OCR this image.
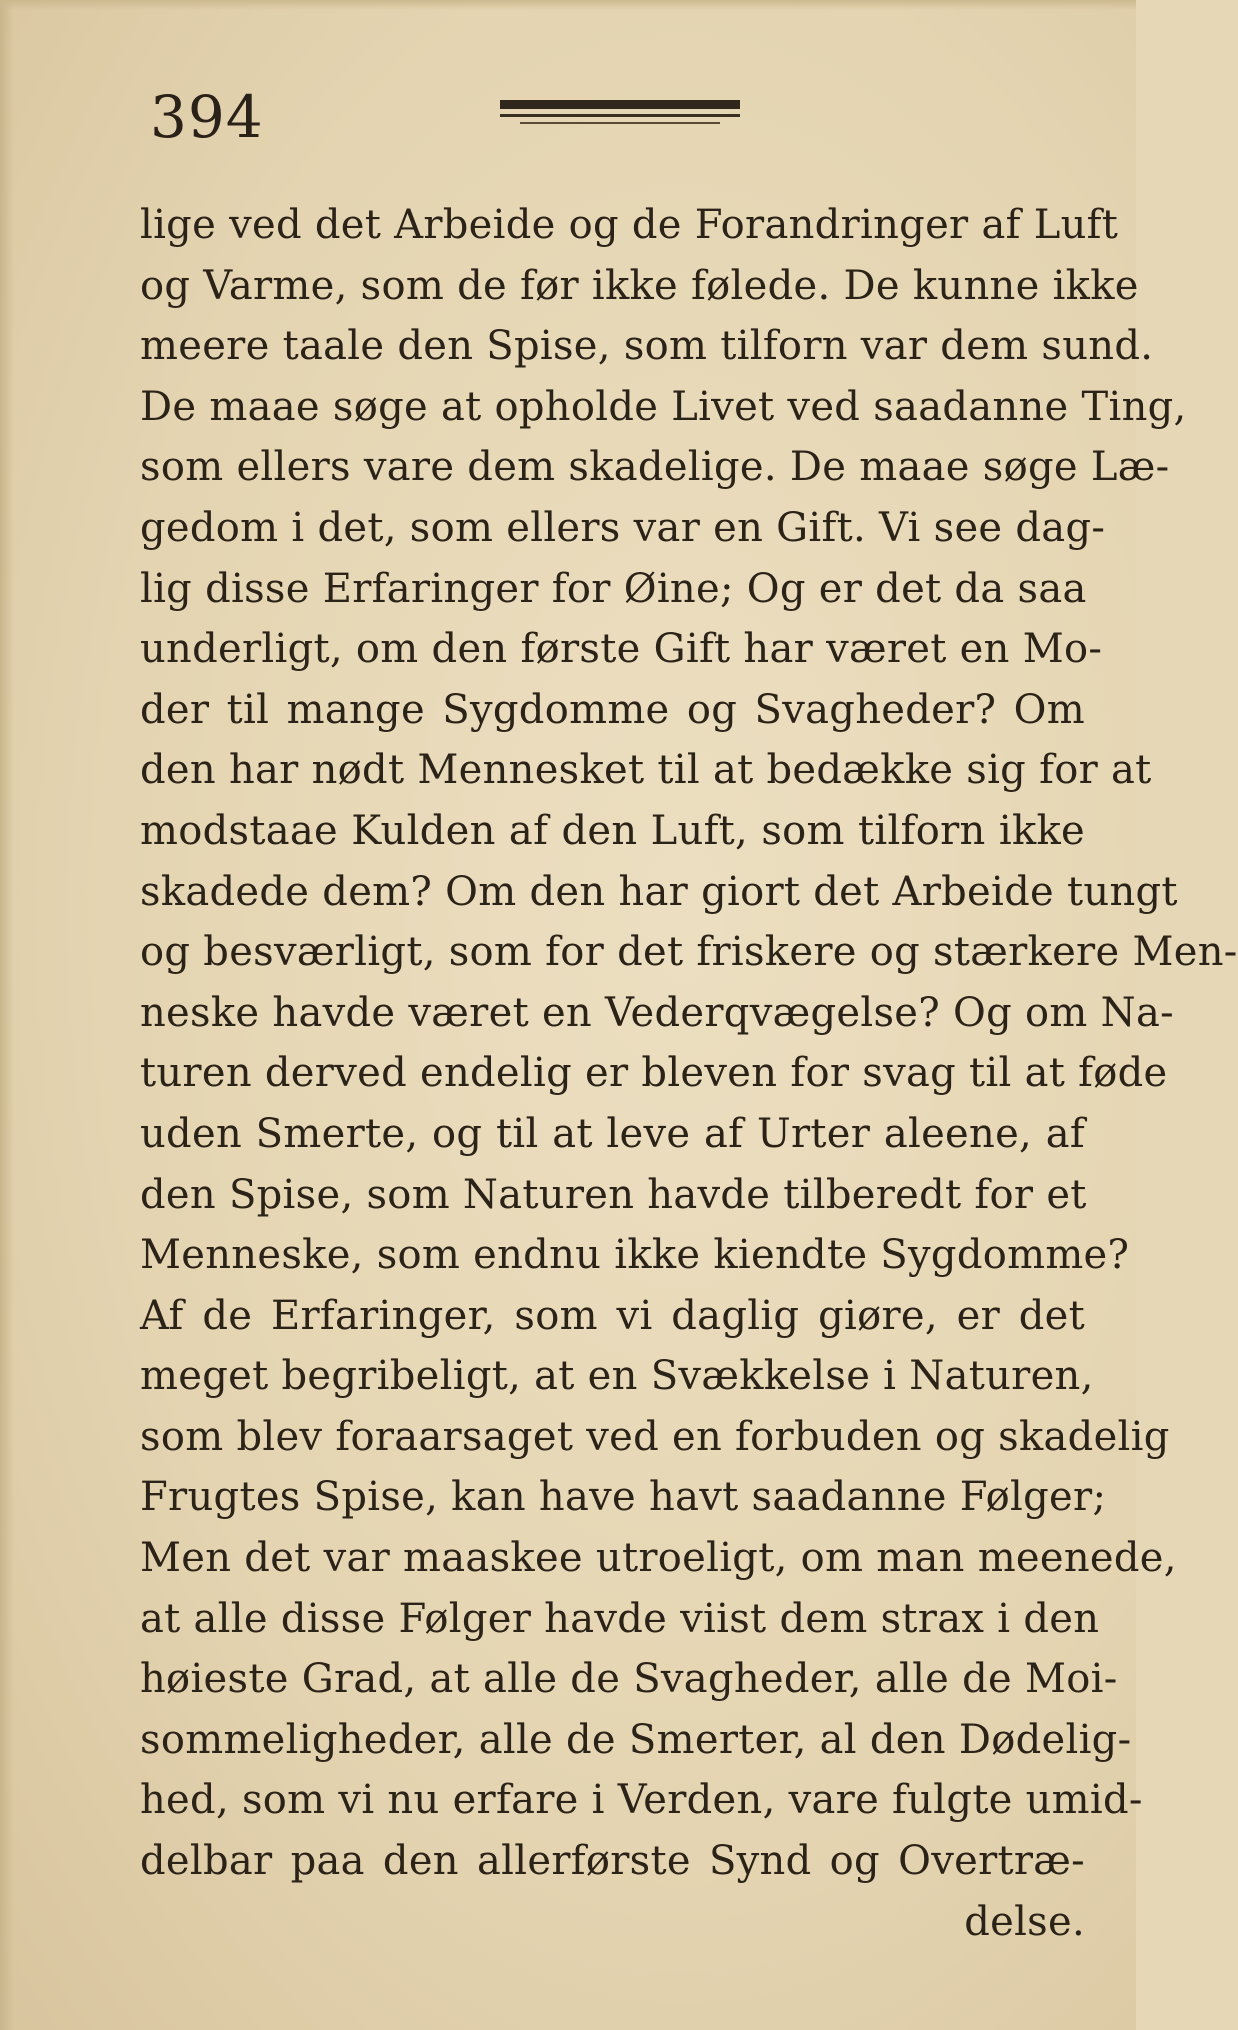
394
lige ved det Arbeide og de Forandringer af Luft
og Varme, som de før ikke følede. De kunne ikke
meere taale den Spise, som tilforn var dem sund.
De maae søge at opholde Livet ved saadanne Ting,
som ellers vare dem skadelige. De maae søge Læ-
gedom i det, som ellers var en Gift. Vi see dag-
lig disse Erfaringer for Øine; Og er det da saa
underligt, om den første Gift har været en Mo-
der til mange Sygdomme og Svagheder? Om
den har nødt Mennesket til at bedække sig for at
modstaae Kulden af den Luft, som tilforn ikke
skadede dem? Om den har giort det Arbeide tungt
og besværligt, som for det friskere og stærkere Men-
neske havde været en Vederqvægelse? Og om Na-
turen derved endelig er bleven for svag til at føde
uden Smerte, og til at leve af Urter aleene, af
den Spise, som Naturen havde tilberedt for et
Menneske, som endnu ikke kiendte Sygdomme?
Af de Erfaringer, som vi daglig giøre, er det
meget begribeligt, at en Svækkelse i Naturen,
som blev foraarsaget ved en forbuden og skadelig
Frugtes Spise, kan have havt saadanne Følger;
Men det var maaskee utroeligt, om man meenede,
at alle disse Følger havde viist dem strax i den
høieste Grad, at alle de Svagheder, alle de Moi-
sommeligheder, alle de Smerter, al den Dødelig-
hed, som vi nu erfare i Verden, vare fulgte umid-
delbar paa den allerførste Synd og Overtræ-
delse.
